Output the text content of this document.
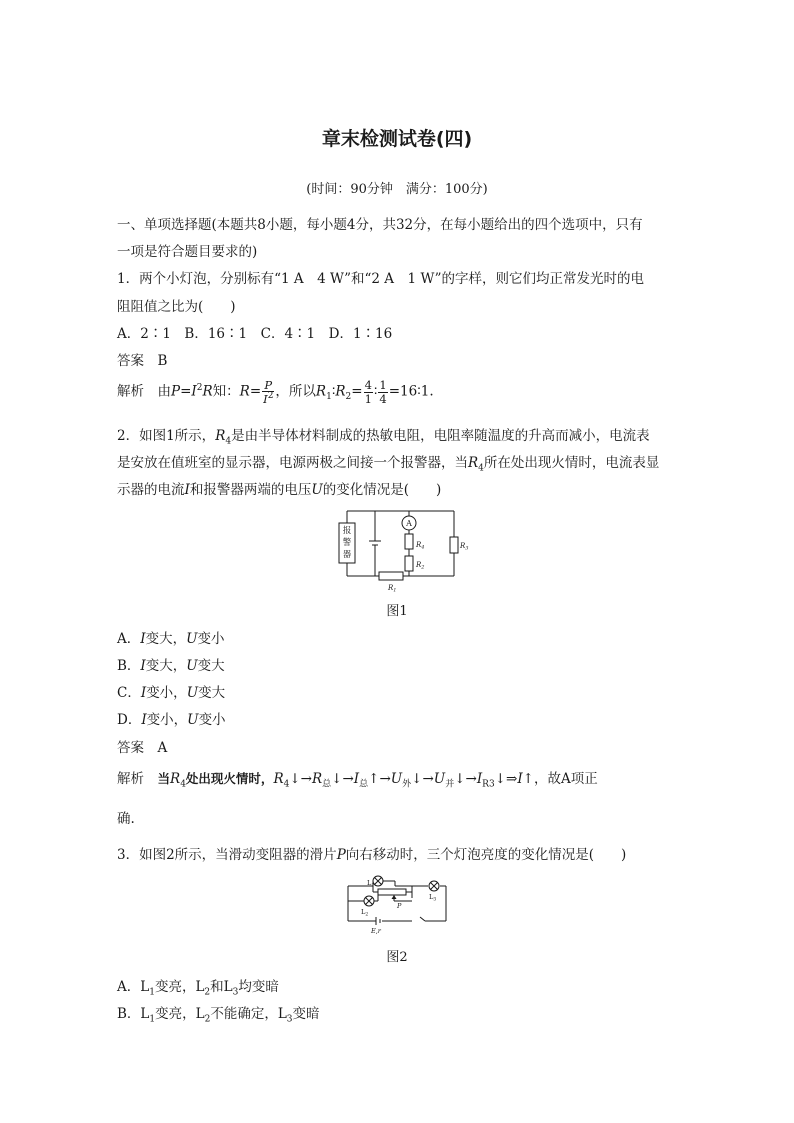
章末检测试卷(四)
(时间：90分钟　满分：100分)
一、单项选择题(本题共8小题，每小题4分，共32分，在每小题给出的四个选项中，只有
一项是符合题目要求的)
1．两个小灯泡，分别标有“1 A　4 W”和“2 A　1 W”的字样，则它们均正常发光时的电
阻阻值之比为(　　)
A．2∶1　B．16∶1　C．4∶1　D．1∶16
答案　 B
解析　 由$P=I^2R$知：$R= \frac{P}{I^2}$ ，所以$R_1∶R_2= \frac{4}{1}$ ∶ $\frac{1}{4}$ =16∶1.
2．如图1所示，$R_4$是由半导体材料制成的热敏电阻，电阻率随温度的升高而减小，电流表
是安放在值班室的显示器，电源两极之间接一个报警器，当$R_4$所在处出现火情时，电流表显
示器的电流I和报警器两端的电压U的变化情况是(　　)
报
警
器
A
$R_4$
$R_2$
$R_3$
$R_1$
图1
A．I变大，U变小
B．I变大，U变大
C．I变小，U变大
D．I变小，U变小
答案　 A
解析　 当$R_4$处出现火情时，$R_4↓\to R_总↓\to I_总↑\to U_外↓\to U_并↓\to I_{R3}↓\Rightarrow I↑$，故A项正
确.
3．如图2所示，当滑动变阻器的滑片P向右移动时，三个灯泡亮度的变化情况是(　　)
$L_1$
$L_2$
$L_3$
P
E,r
图2
A．$L_1$变亮，$L_2$和$L_3$均变暗
B．$L_1$变亮，$L_2$不能确定，$L_3$变暗
